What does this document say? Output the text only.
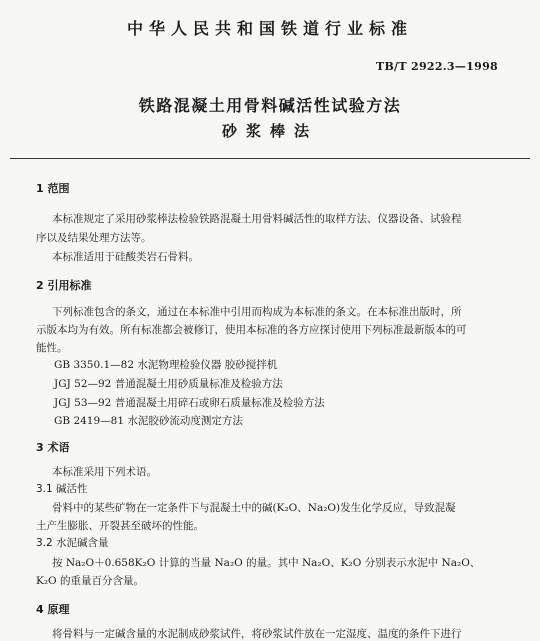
中华人民共和国铁道行业标准
TB/T 2922.3—1998
铁路混凝土用骨料碱活性试验方法
砂浆棒法
1 范围
本标准规定了采用砂浆棒法检验铁路混凝土用骨料碱活性的取样方法、仪器设备、试验程
序以及结果处理方法等。
本标准适用于硅酸类岩石骨料。
2 引用标准
下列标准包含的条文，通过在本标准中引用而构成为本标准的条文。在本标准出版时，所
示版本均为有效。所有标准都会被修订，使用本标准的各方应探讨使用下列标准最新版本的可
能性。
GB 3350.1—82 水泥物理检验仪器 胶砂搅拌机
JGJ 52—92 普通混凝土用砂质量标准及检验方法
JGJ 53—92 普通混凝土用碎石或卵石质量标准及检验方法
GB 2419—81 水泥胶砂流动度测定方法
3 术语
本标准采用下列术语。
3.1 碱活性
骨料中的某些矿物在一定条件下与混凝土中的碱(K₂O、Na₂O)发生化学反应，导致混凝
土产生膨胀、开裂甚至破坏的性能。
3.2 水泥碱含量
按 Na₂O＋0.658K₂O 计算的当量 Na₂O 的量。其中 Na₂O、K₂O 分别表示水泥中 Na₂O、
K₂O 的重量百分含量。
4 原理
将骨料与一定碱含量的水泥制成砂浆试件，将砂浆试件放在一定湿度、温度的条件下进行
